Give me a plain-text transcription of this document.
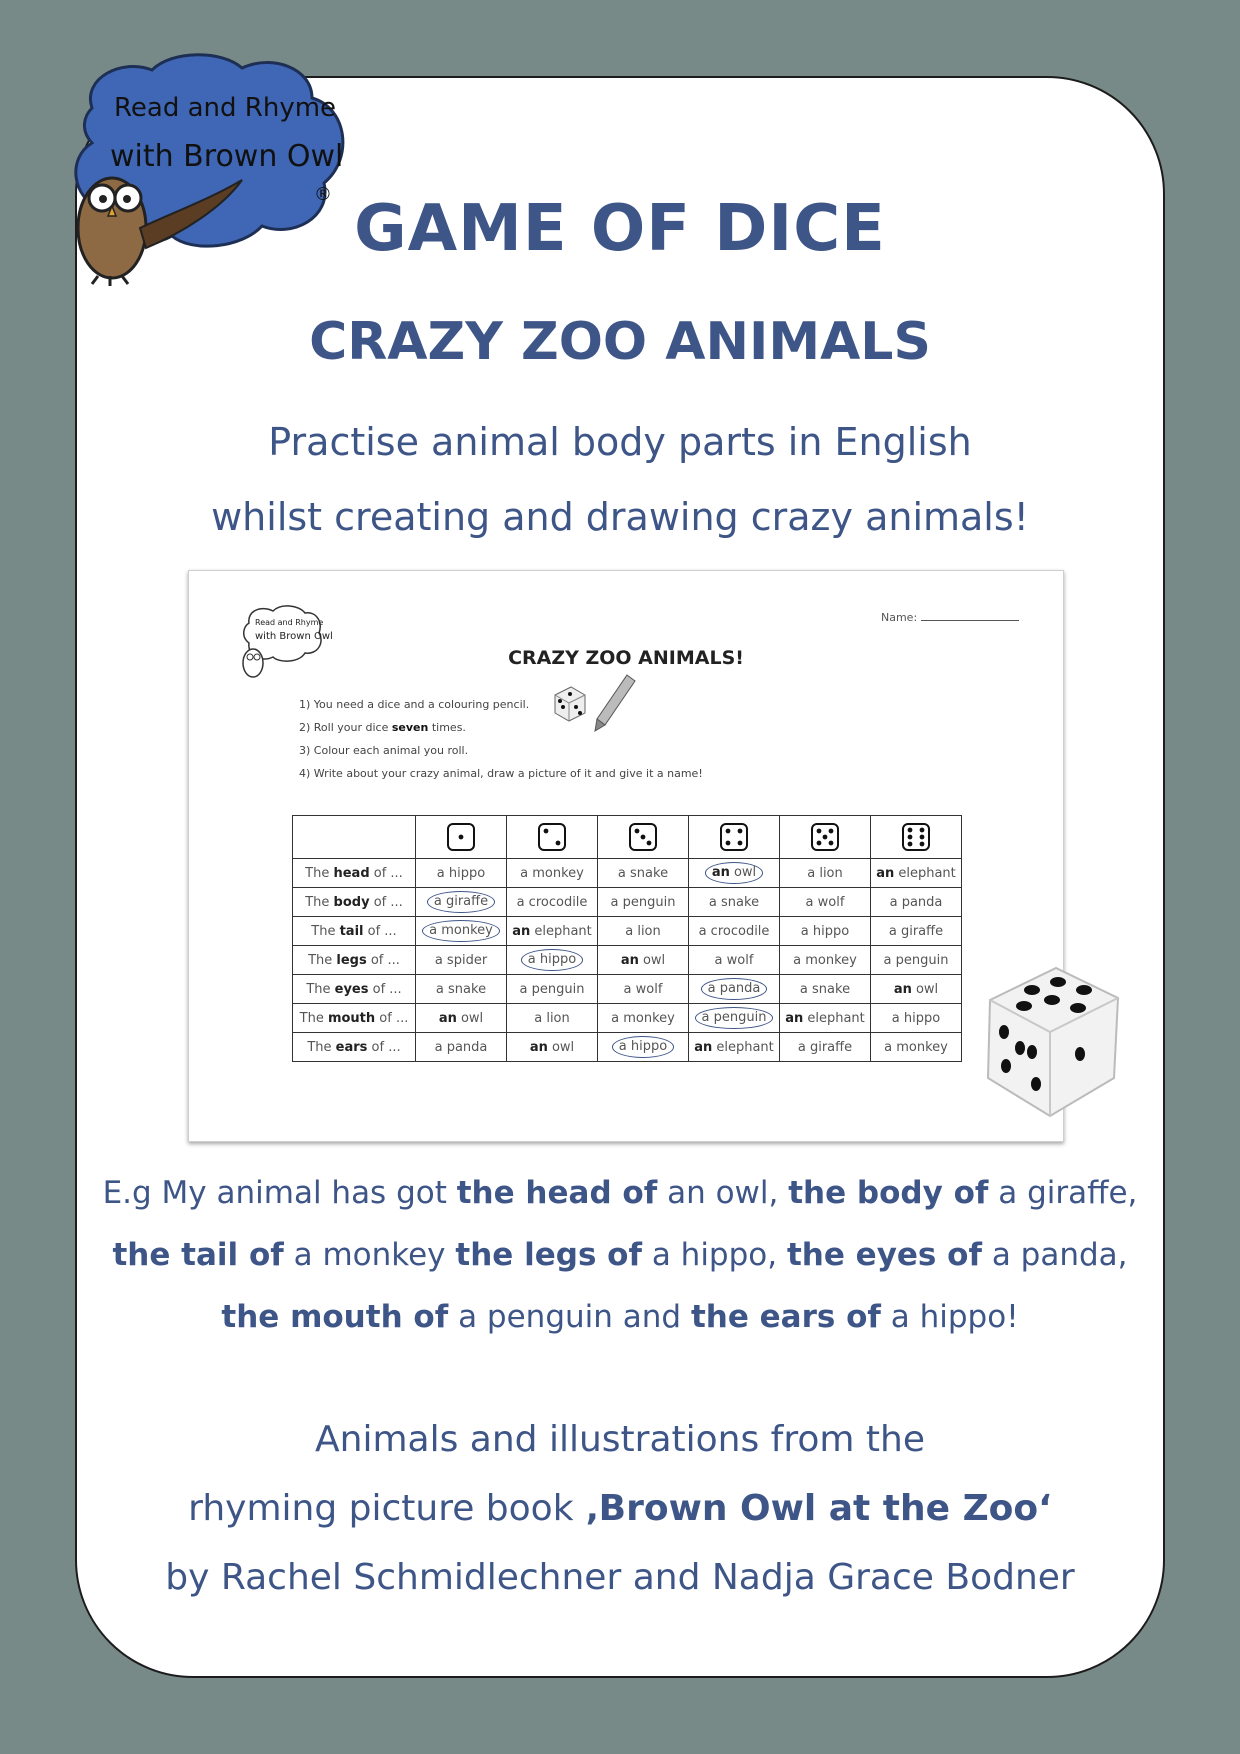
Read and Rhyme
with Brown Owl
® GAME OF DICE
CRAZY ZOO ANIMALS
Practise animal body parts in English
whilst creating and drawing crazy animals!
Read and Rhyme
with Brown Owl
Name:
CRAZY ZOO ANIMALS!
1) You need a dice and a colouring pencil.
2) Roll your dice seven times.
3) Colour each animal you roll.
4) Write about your crazy animal, draw a picture of it and give it a name!

The head of ...	a hippo	a monkey	a snake	an owl	a lion	an elephant
The body of ...	a giraffe	a crocodile	a penguin	a snake	a wolf	a panda
The tail of ...	a monkey	an elephant	a lion	a crocodile	a hippo	a giraffe
The legs of ...	a spider	a hippo	an owl	a wolf	a monkey	a penguin
The eyes of ...	a snake	a penguin	a wolf	a panda	a snake	an owl
The mouth of ...	an owl	a lion	a monkey	a penguin	an elephant	a hippo
The ears of ...	a panda	an owl	a hippo	an elephant	a giraffe	a monkey
E.g My animal has got the head of an owl, the body of a giraffe,
the tail of a monkey the legs of a hippo, the eyes of a panda,
the mouth of a penguin and the ears of a hippo!
Animals and illustrations from the
rhyming picture book ‚Brown Owl at the Zoo‘
by Rachel Schmidlechner and Nadja Grace Bodner
